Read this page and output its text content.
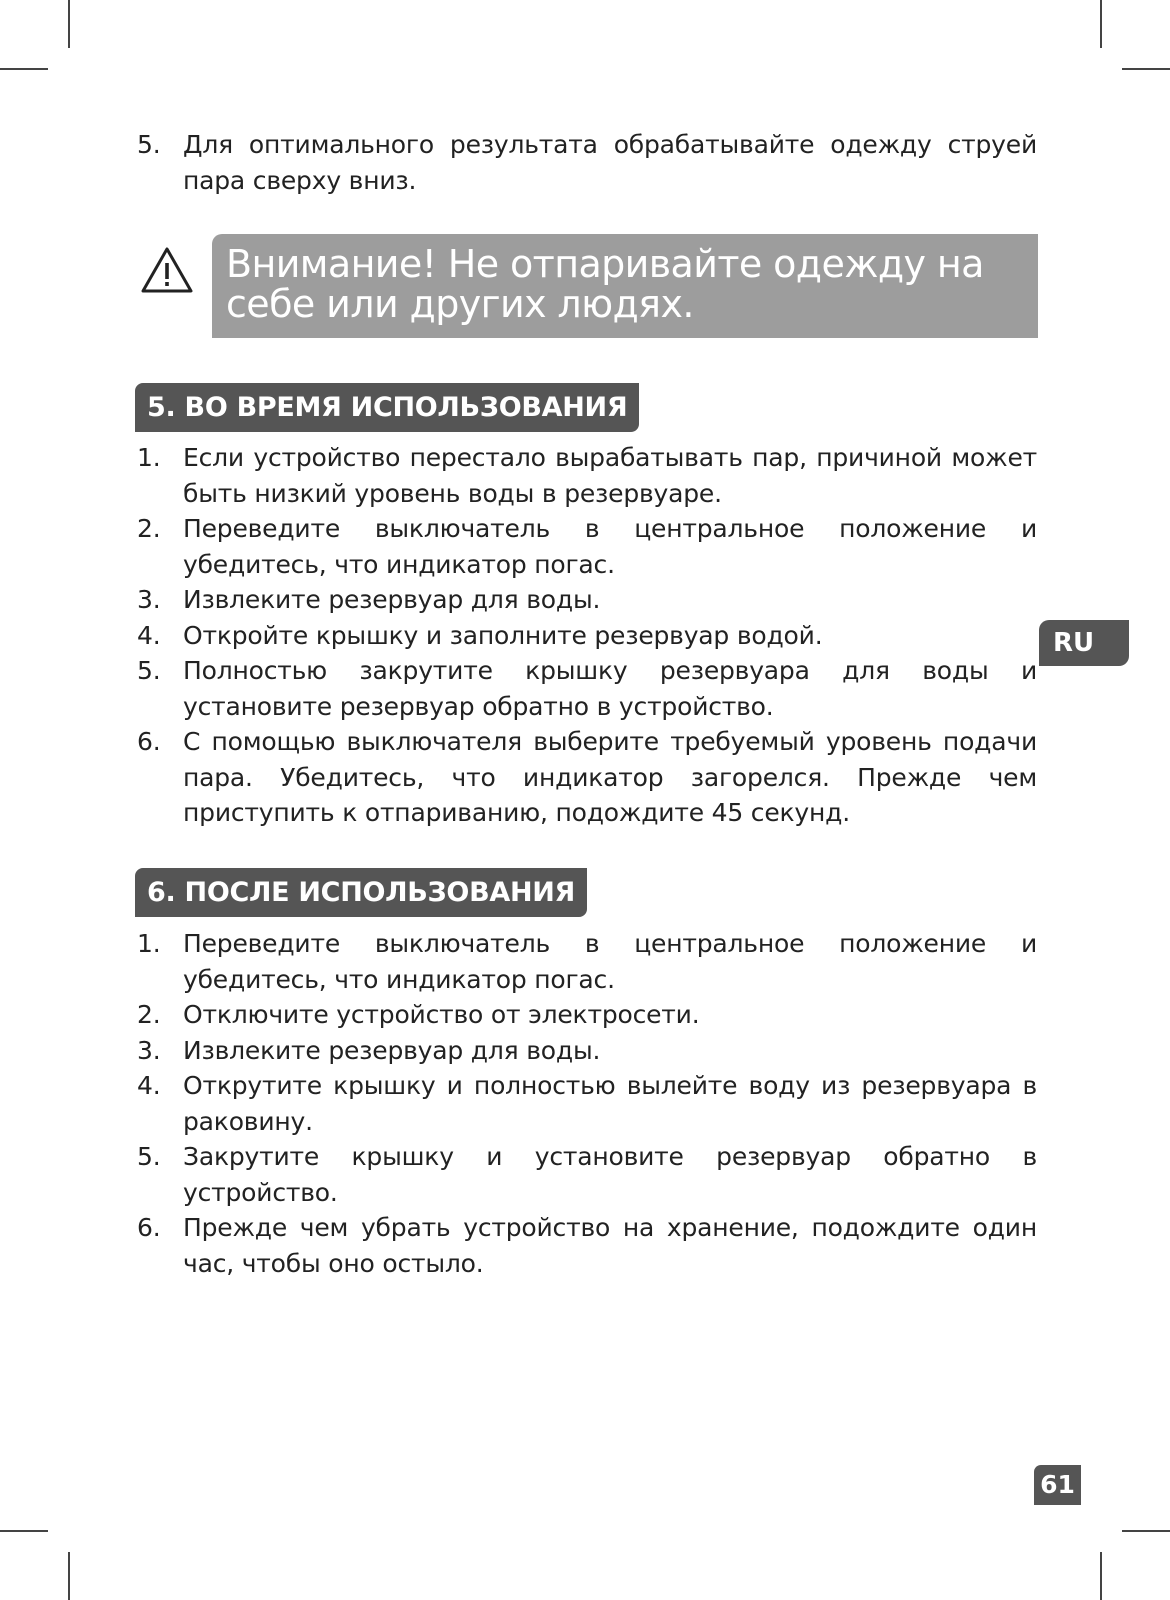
5. Для оптимального результата обрабатывайте одежду струей пара сверху вниз.
Внимание! Не отпаривайте одежду на себе или других людях.
5. ВО ВРЕМЯ ИСПОЛЬЗОВАНИЯ
1. Если устройство перестало вырабатывать пар, причиной может быть низкий уровень воды в резервуаре.
2. Переведите выключатель в центральное положение и убедитесь, что индикатор погас.
3. Извлеките резервуар для воды.
4. Откройте крышку и заполните резервуар водой.
5. Полностью закрутите крышку резервуара для воды и установите резервуар обратно в устройство.
6. С помощью выключателя выберите требуемый уровень подачи пара. Убедитесь, что индикатор загорелся. Прежде чем приступить к отпариванию, подождите 45 секунд.
6. ПОСЛЕ ИСПОЛЬЗОВАНИЯ
1. Переведите выключатель в центральное положение и убедитесь, что индикатор погас.
2. Отключите устройство от электросети.
3. Извлеките резервуар для воды.
4. Открутите крышку и полностью вылейте воду из резервуара в раковину.
5. Закрутите крышку и установите резервуар обратно в устройство.
6. Прежде чем убрать устройство на хранение, подождите один час, чтобы оно остыло.
RU
61
